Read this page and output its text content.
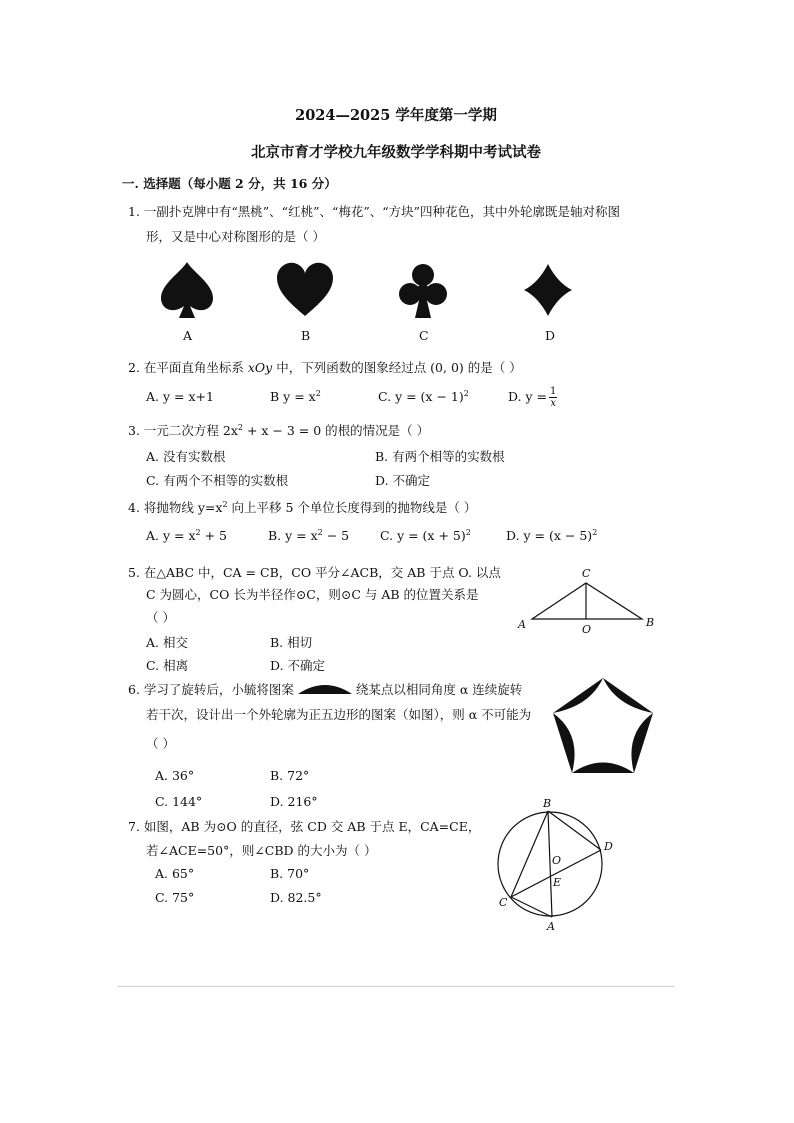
2024—2025 学年度第一学期
北京市育才学校九年级数学学科期中考试试卷
一. 选择题（每小题 2 分，共 16 分）
1. 一副扑克牌中有“黑桃”、“红桃”、“梅花”、“方块”四种花色，其中外轮廓既是轴对称图
形，又是中心对称图形的是（ ）
A	B	C	D
2. 在平面直角坐标系 xOy 中，下列函数的图象经过点 (0, 0) 的是（ ）
A. y = x+1	B $y = x^2$	C. $y = (x - 1)^2$	D. $y = \frac{1}{x}$
3. 一元二次方程 $2x^2 + x - 3 = 0$ 的根的情况是（ ）
A. 没有实数根	B. 有两个相等的实数根
C. 有两个不相等的实数根	D. 不确定
4. 将抛物线 $y=x^2$ 向上平移 5 个单位长度得到的抛物线是（ ）
A. $y = x^2 + 5$	B. $y = x^2 - 5$ C. $y = (x + 5)^2$	D. $y = (x - 5)^2$
5. 在△ABC 中，CA = CB，CO 平分∠ACB，交 AB 于点 O. 以点
C 为圆心，CO 长为半径作⊙C，则⊙C 与 AB 的位置关系是
（ ）
A. 相交	B. 相切
C. 相离	D. 不确定
C
A	O
B
6. 学习了旋转后，小毓将图案	绕某点以相同角度 α 连续旋转
若干次，设计出一个外轮廓为正五边形的图案（如图），则 α 不可能为
（ ）
A. 36°	B. 72°
C. 144°	D. 216°
7. 如图，AB 为⊙O 的直径，弦 CD 交 AB 于点 E，CA=CE，
若∠ACE=50°，则∠CBD 的大小为（ ）
A. 65°	B. 70°
C. 75°	D. 82.5°
B
D
O
E
C
A
